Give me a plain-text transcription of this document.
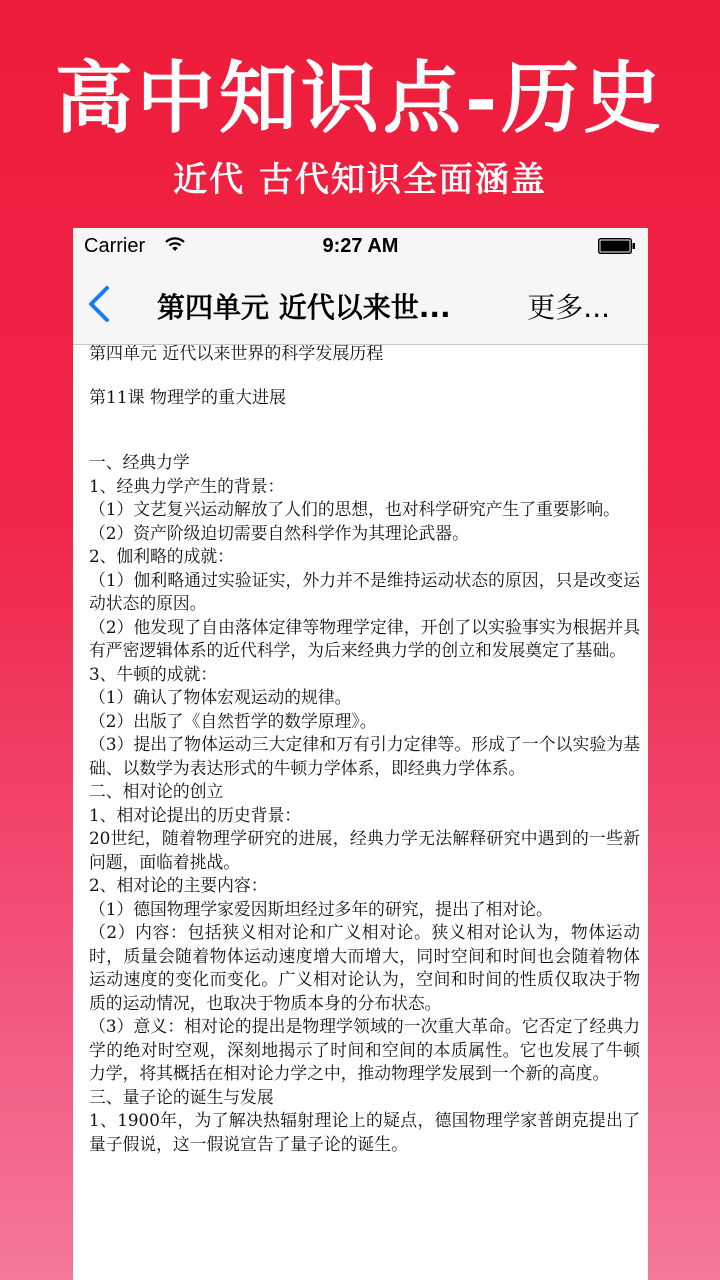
高中知识点-历史
近代 古代知识全面涵盖
Carrier	9:27 AM
第四单元 近代以来世...	更多...

第四单元 近代以来世界的科学发展历程

第11课 物理学的重大进展

一、经典力学

1、经典力学产生的背景：

（1）文艺复兴运动解放了人们的思想，也对科学研究产生了重要影响。

（2）资产阶级迫切需要自然科学作为其理论武器。

2、伽利略的成就：

（1）伽利略通过实验证实，外力并不是维持运动状态的原因，只是改变运动状态的原因。

（2）他发现了自由落体定律等物理学定律，开创了以实验事实为根据并具有严密逻辑体系的近代科学，为后来经典力学的创立和发展奠定了基础。

3、牛顿的成就：

（1）确认了物体宏观运动的规律。

（2）出版了《自然哲学的数学原理》。

（3）提出了物体运动三大定律和万有引力定律等。形成了一个以实验为基础、以数学为表达形式的牛顿力学体系，即经典力学体系。

二、相对论的创立

1、相对论提出的历史背景：

20世纪，随着物理学研究的进展，经典力学无法解释研究中遇到的一些新问题，面临着挑战。

2、相对论的主要内容：

（1）德国物理学家爱因斯坦经过多年的研究，提出了相对论。

（2）内容：包括狭义相对论和广义相对论。狭义相对论认为，物体运动时，质量会随着物体运动速度增大而增大，同时空间和时间也会随着物体运动速度的变化而变化。广义相对论认为，空间和时间的性质仅取决于物质的运动情况，也取决于物质本身的分布状态。

（3）意义：相对论的提出是物理学领域的一次重大革命。它否定了经典力学的绝对时空观，深刻地揭示了时间和空间的本质属性。它也发展了牛顿力学，将其概括在相对论力学之中，推动物理学发展到一个新的高度。

三、量子论的诞生与发展

1、1900年，为了解决热辐射理论上的疑点，德国物理学家普朗克提出了量子假说，这一假说宣告了量子论的诞生。
